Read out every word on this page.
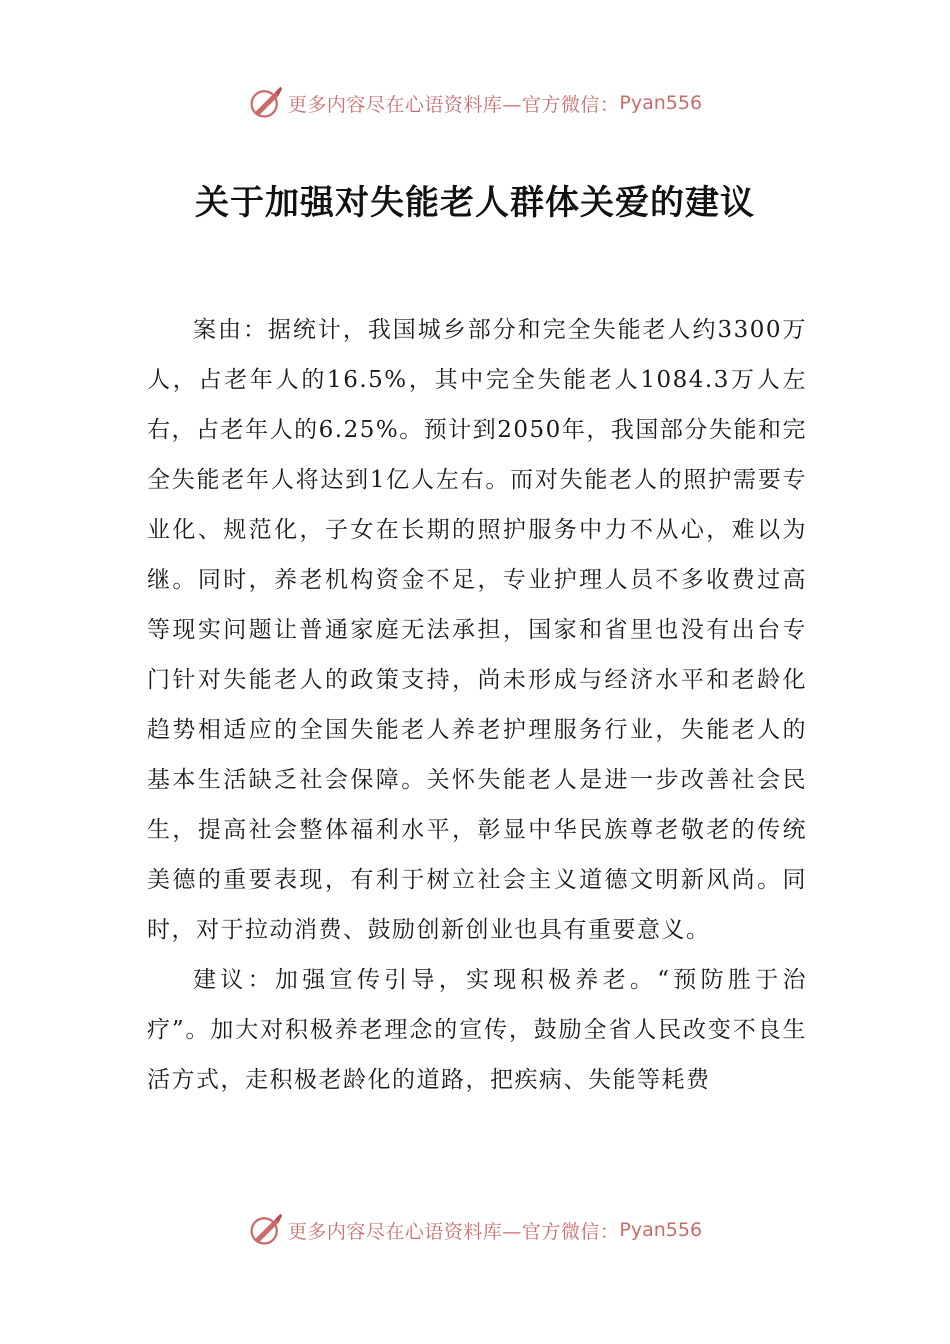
更多内容尽在心语资料库—官方微信： Pyan556
关于加强对失能老人群体关爱的建议

案由：据统计，我国城乡部分和完全失能老人约3300万人，占老年人的16.5%，其中完全失能老人1084.3万人左右，占老年人的6.25%。预计到2050年，我国部分失能和完全失能老年人将达到1亿人左右。而对失能老人的照护需要专业化、规范化，子女在长期的照护服务中力不从心，难以为继。同时，养老机构资金不足，专业护理人员不多收费过高等现实问题让普通家庭无法承担，国家和省里也没有出台专门针对失能老人的政策支持，尚未形成与经济水平和老龄化趋势相适应的全国失能老人养老护理服务行业，失能老人的基本生活缺乏社会保障。关怀失能老人是进一步改善社会民生，提高社会整体福利水平，彰显中华民族尊老敬老的传统美德的重要表现，有利于树立社会主义道德文明新风尚。同时，对于拉动消费、鼓励创新创业也具有重要意义。

建议：加强宣传引导，实现积极养老。“预防胜于治疗”。加大对积极养老理念的宣传，鼓励全省人民改变不良生活方式，走积极老龄化的道路，把疾病、失能等耗费

更多内容尽在心语资料库—官方微信： Pyan556
